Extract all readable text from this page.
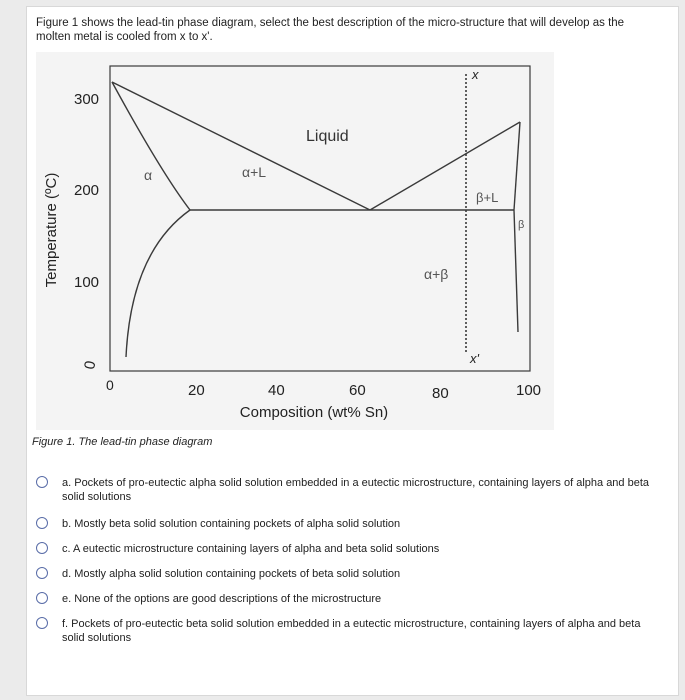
Figure 1 shows the lead-tin phase diagram, select the best description of the micro-structure that will develop as the molten metal is cooled from x to x'.
Temperature (ºC)
300
200
100
0
0	20	40	60	80	100
Composition (wt% Sn)
Liquid
α	α+L
β+L
β
α+β
x
x'
Figure 1. The lead-tin phase diagram
a. Pockets of pro-eutectic alpha solid solution embedded in a eutectic microstructure, containing layers of alpha and beta solid solutions
b. Mostly beta solid solution containing pockets of alpha solid solution
c. A eutectic microstructure containing layers of alpha and beta solid solutions
d. Mostly alpha solid solution containing pockets of beta solid solution
e. None of the options are good descriptions of the microstructure
f. Pockets of pro-eutectic beta solid solution embedded in a eutectic microstructure, containing layers of alpha and beta solid solutions
